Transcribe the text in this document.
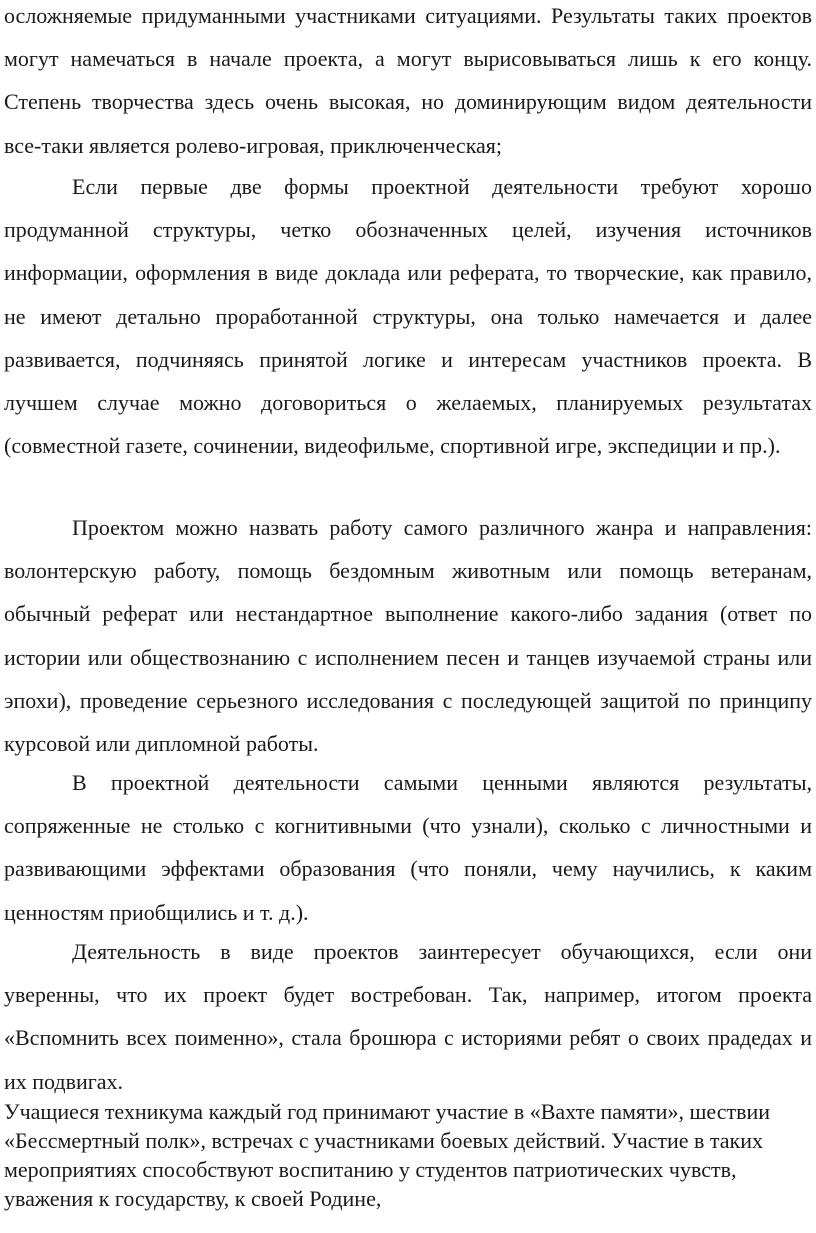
осложняемые придуманными участниками ситуациями. Результаты таких проектов могут намечаться в начале проекта, а могут вырисовываться лишь к его концу. Степень творчества здесь очень высокая, но доминирующим видом деятельности все-таки является ролево-игровая, приключенческая;

Если первые две формы проектной деятельности требуют хорошо продуманной структуры, четко обозначенных целей, изучения источников информации, оформления в виде доклада или реферата, то творческие, как правило, не имеют детально проработанной структуры, она только намечается и далее развивается, подчиняясь принятой логике и интересам участников проекта. В лучшем случае можно договориться о желаемых, планируемых результатах (совместной газете, сочинении, видеофильме, спортивной игре, экспедиции и пр.).

Проектом можно назвать работу самого различного жанра и направления: волонтерскую работу, помощь бездомным животным или помощь ветеранам, обычный реферат или нестандартное выполнение какого-либо задания (ответ по истории или обществознанию с исполнением песен и танцев изучаемой страны или эпохи), проведение серьезного исследования с последующей защитой по принципу курсовой или дипломной работы.

В проектной деятельности самыми ценными являются результаты, сопряженные не столько с когнитивными (что узнали), сколько с личностными и развивающими эффектами образования (что поняли, чему научились, к каким ценностям приобщились и т. д.).

Деятельность в виде проектов заинтересует обучающихся, если они уверенны, что их проект будет востребован. Так, например, итогом проекта «Вспомнить всех поименно», стала брошюра с историями ребят о своих прадедах и их подвигах.

Учащиеся техникума каждый год принимают участие в «Вахте памяти», шествии «Бессмертный полк», встречах с участниками боевых действий. Участие в таких мероприятиях способствуют воспитанию у студентов патриотических чувств, уважения к государству, к своей Родине,
